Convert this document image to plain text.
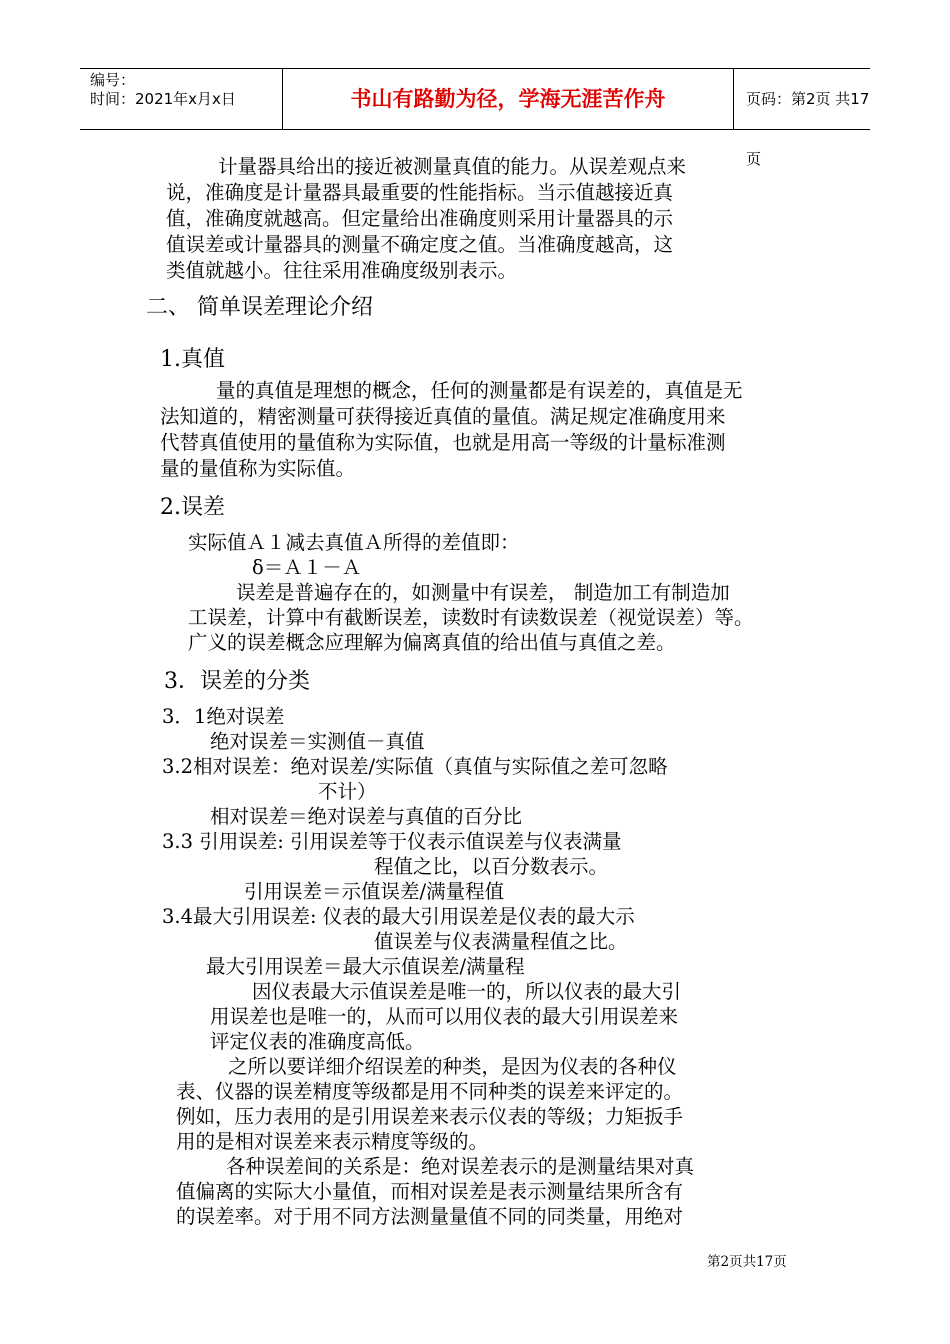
编号：
时间：2021年x月x日	书山有路勤为径，学海无涯苦作舟	页码：第2页 共17页
计量器具给出的接近被测量真值的能力。从误差观点来
说，准确度是计量器具最重要的性能指标。当示值越接近真
值，准确度就越高。但定量给出准确度则采用计量器具的示
值误差或计量器具的测量不确定度之值。当准确度越高，这
类值就越小。往往采用准确度级别表示。
二、 简单误差理论介绍
1.真值
量的真值是理想的概念，任何的测量都是有误差的，真值是无
法知道的，精密测量可获得接近真值的量值。满足规定准确度用来
代替真值使用的量值称为实际值，也就是用高一等级的计量标准测
量的量值称为实际值。
2.误差
实际值Ａ１减去真值Ａ所得的差值即：
δ＝Ａ１－Ａ
误差是普遍存在的，如测量中有误差， 制造加工有制造加
工误差，计算中有截断误差，读数时有读数误差（视觉误差）等。
广义的误差概念应理解为偏离真值的给出值与真值之差。
3．误差的分类
3．1绝对误差
绝对误差＝实测值－真值
3.2相对误差：绝对误差/实际值（真值与实际值之差可忽略
不计）
相对误差＝绝对误差与真值的百分比
3.3 引用误差: 引用误差等于仪表示值误差与仪表满量
程值之比，以百分数表示。
引用误差＝示值误差/满量程值
3.4最大引用误差: 仪表的最大引用误差是仪表的最大示
值误差与仪表满量程值之比。
最大引用误差＝最大示值误差/满量程
因仪表最大示值误差是唯一的，所以仪表的最大引
用误差也是唯一的，从而可以用仪表的最大引用误差来
评定仪表的准确度高低。
之所以要详细介绍误差的种类，是因为仪表的各种仪
表、仪器的误差精度等级都是用不同种类的误差来评定的。
例如，压力表用的是引用误差来表示仪表的等级；力矩扳手
用的是相对误差来表示精度等级的。
各种误差间的关系是：绝对误差表示的是测量结果对真
值偏离的实际大小量值，而相对误差是表示测量结果所含有
的误差率。对于用不同方法测量量值不同的同类量，用绝对
第2页共17页
